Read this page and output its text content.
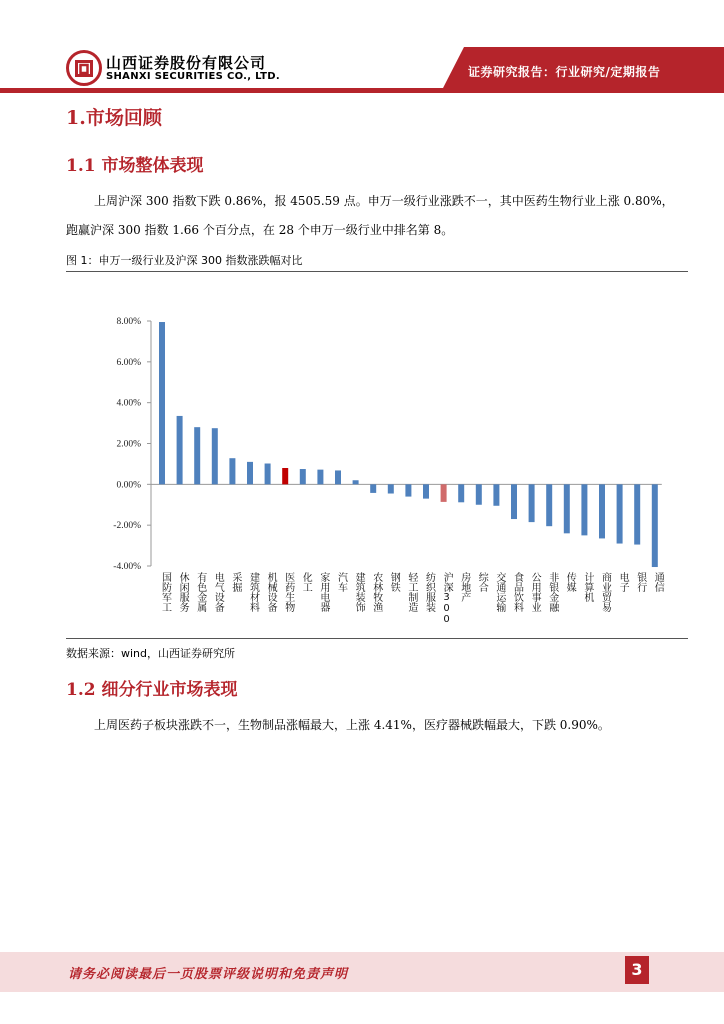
山西证券股份有限公司
SHANXI SECURITIES CO., LTD.	证券研究报告：行业研究/定期报告
1.市场回顾
1.1 市场整体表现
上周沪深 300 指数下跌 0.86%，报 4505.59 点。申万一级行业涨跌不一，其中医药生物行业上涨 0.80%，
跑赢沪深 300 指数 1.66 个百分点，在 28 个申万一级行业中排名第 8。
图 1：申万一级行业及沪深 300 指数涨跌幅对比
8.00%
6.00%
4.00%
2.00%
0.00%
-2.00%
-4.00%
国防军工 休闲服务 有色金属 电气设备 采掘 建筑材料 机械设备 医药生物 化工 家用电器 汽车 建筑装饰 农林牧渔 钢铁 轻工制造 纺织服装 沪深300 房地产 综合 交通运输 食品饮料 公用事业 非银金融 传媒 计算机 商业贸易 电子 银行 通信
数据来源：wind，山西证券研究所
1.2 细分行业市场表现
上周医药子板块涨跌不一，生物制品涨幅最大，上涨 4.41%，医疗器械跌幅最大，下跌 0.90%。
请务必阅读最后一页股票评级说明和免责声明	3
